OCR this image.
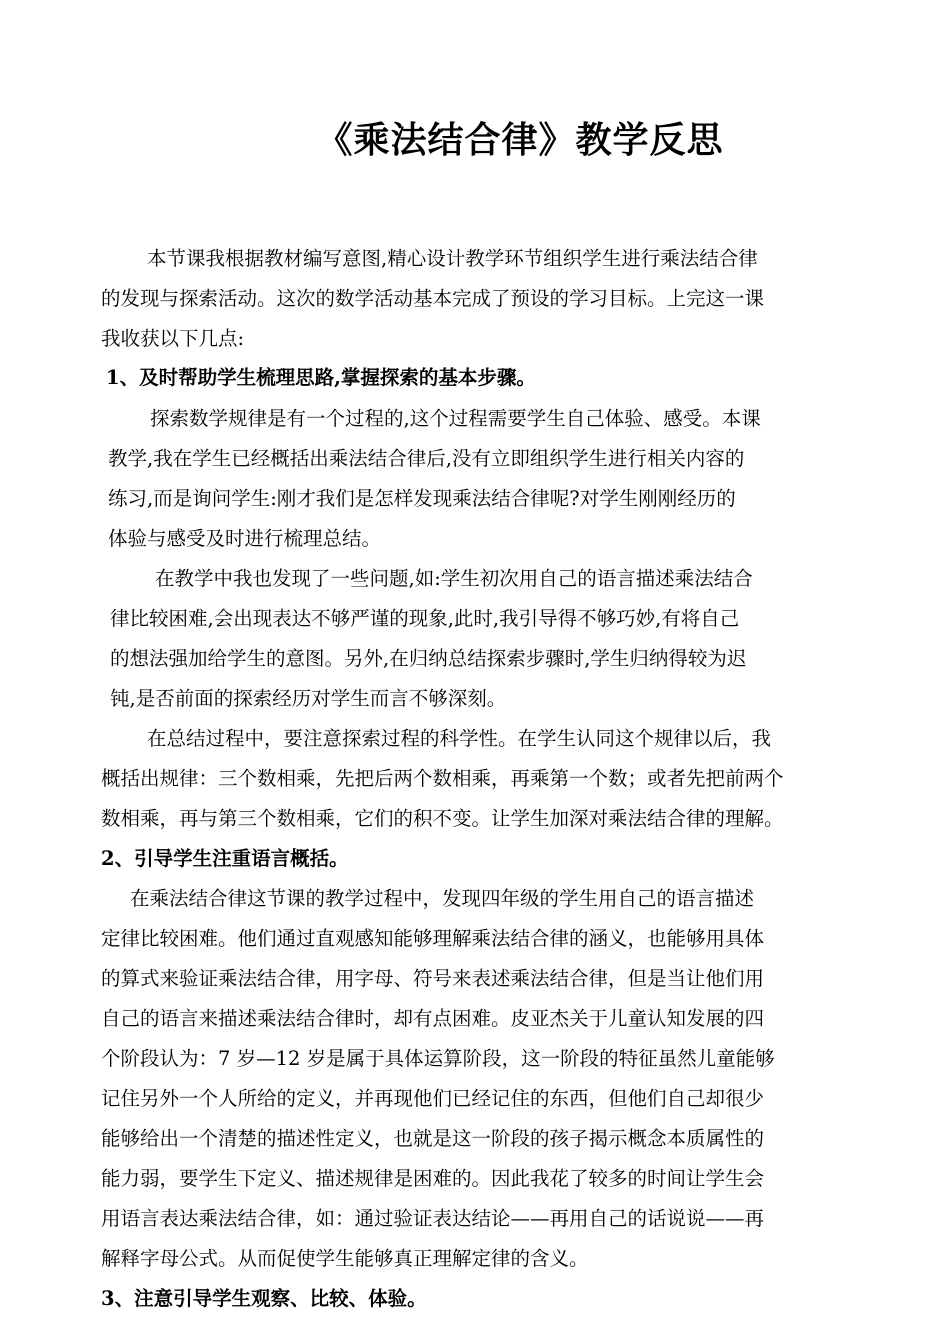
《乘法结合律》教学反思
本节课我根据教材编写意图,精心设计教学环节组织学生进行乘法结合律
的发现与探索活动。这次的数学活动基本完成了预设的学习目标。上完这一课
我收获以下几点:
1、及时帮助学生梳理思路,掌握探索的基本步骤。
探索数学规律是有一个过程的,这个过程需要学生自己体验、感受。本课
教学,我在学生已经概括出乘法结合律后,没有立即组织学生进行相关内容的
练习,而是询问学生:刚才我们是怎样发现乘法结合律呢?对学生刚刚经历的
体验与感受及时进行梳理总结。
在教学中我也发现了一些问题,如:学生初次用自己的语言描述乘法结合
律比较困难,会出现表达不够严谨的现象,此时,我引导得不够巧妙,有将自己
的想法强加给学生的意图。另外,在归纳总结探索步骤时,学生归纳得较为迟
钝,是否前面的探索经历对学生而言不够深刻。
在总结过程中，要注意探索过程的科学性。在学生认同这个规律以后，我
概括出规律：三个数相乘，先把后两个数相乘，再乘第一个数；或者先把前两个
数相乘，再与第三个数相乘，它们的积不变。让学生加深对乘法结合律的理解。
2、引导学生注重语言概括。
在乘法结合律这节课的教学过程中，发现四年级的学生用自己的语言描述
定律比较困难。他们通过直观感知能够理解乘法结合律的涵义，也能够用具体
的算式来验证乘法结合律，用字母、符号来表述乘法结合律，但是当让他们用
自己的语言来描述乘法结合律时，却有点困难。皮亚杰关于儿童认知发展的四
个阶段认为：7 岁—12 岁是属于具体运算阶段，这一阶段的特征虽然儿童能够
记住另外一个人所给的定义，并再现他们已经记住的东西，但他们自己却很少
能够给出一个清楚的描述性定义，也就是这一阶段的孩子揭示概念本质属性的
能力弱，要学生下定义、描述规律是困难的。因此我花了较多的时间让学生会
用语言表达乘法结合律，如：通过验证表达结论——再用自己的话说说——再
解释字母公式。从而促使学生能够真正理解定律的含义。
3、注意引导学生观察、比较、体验。
